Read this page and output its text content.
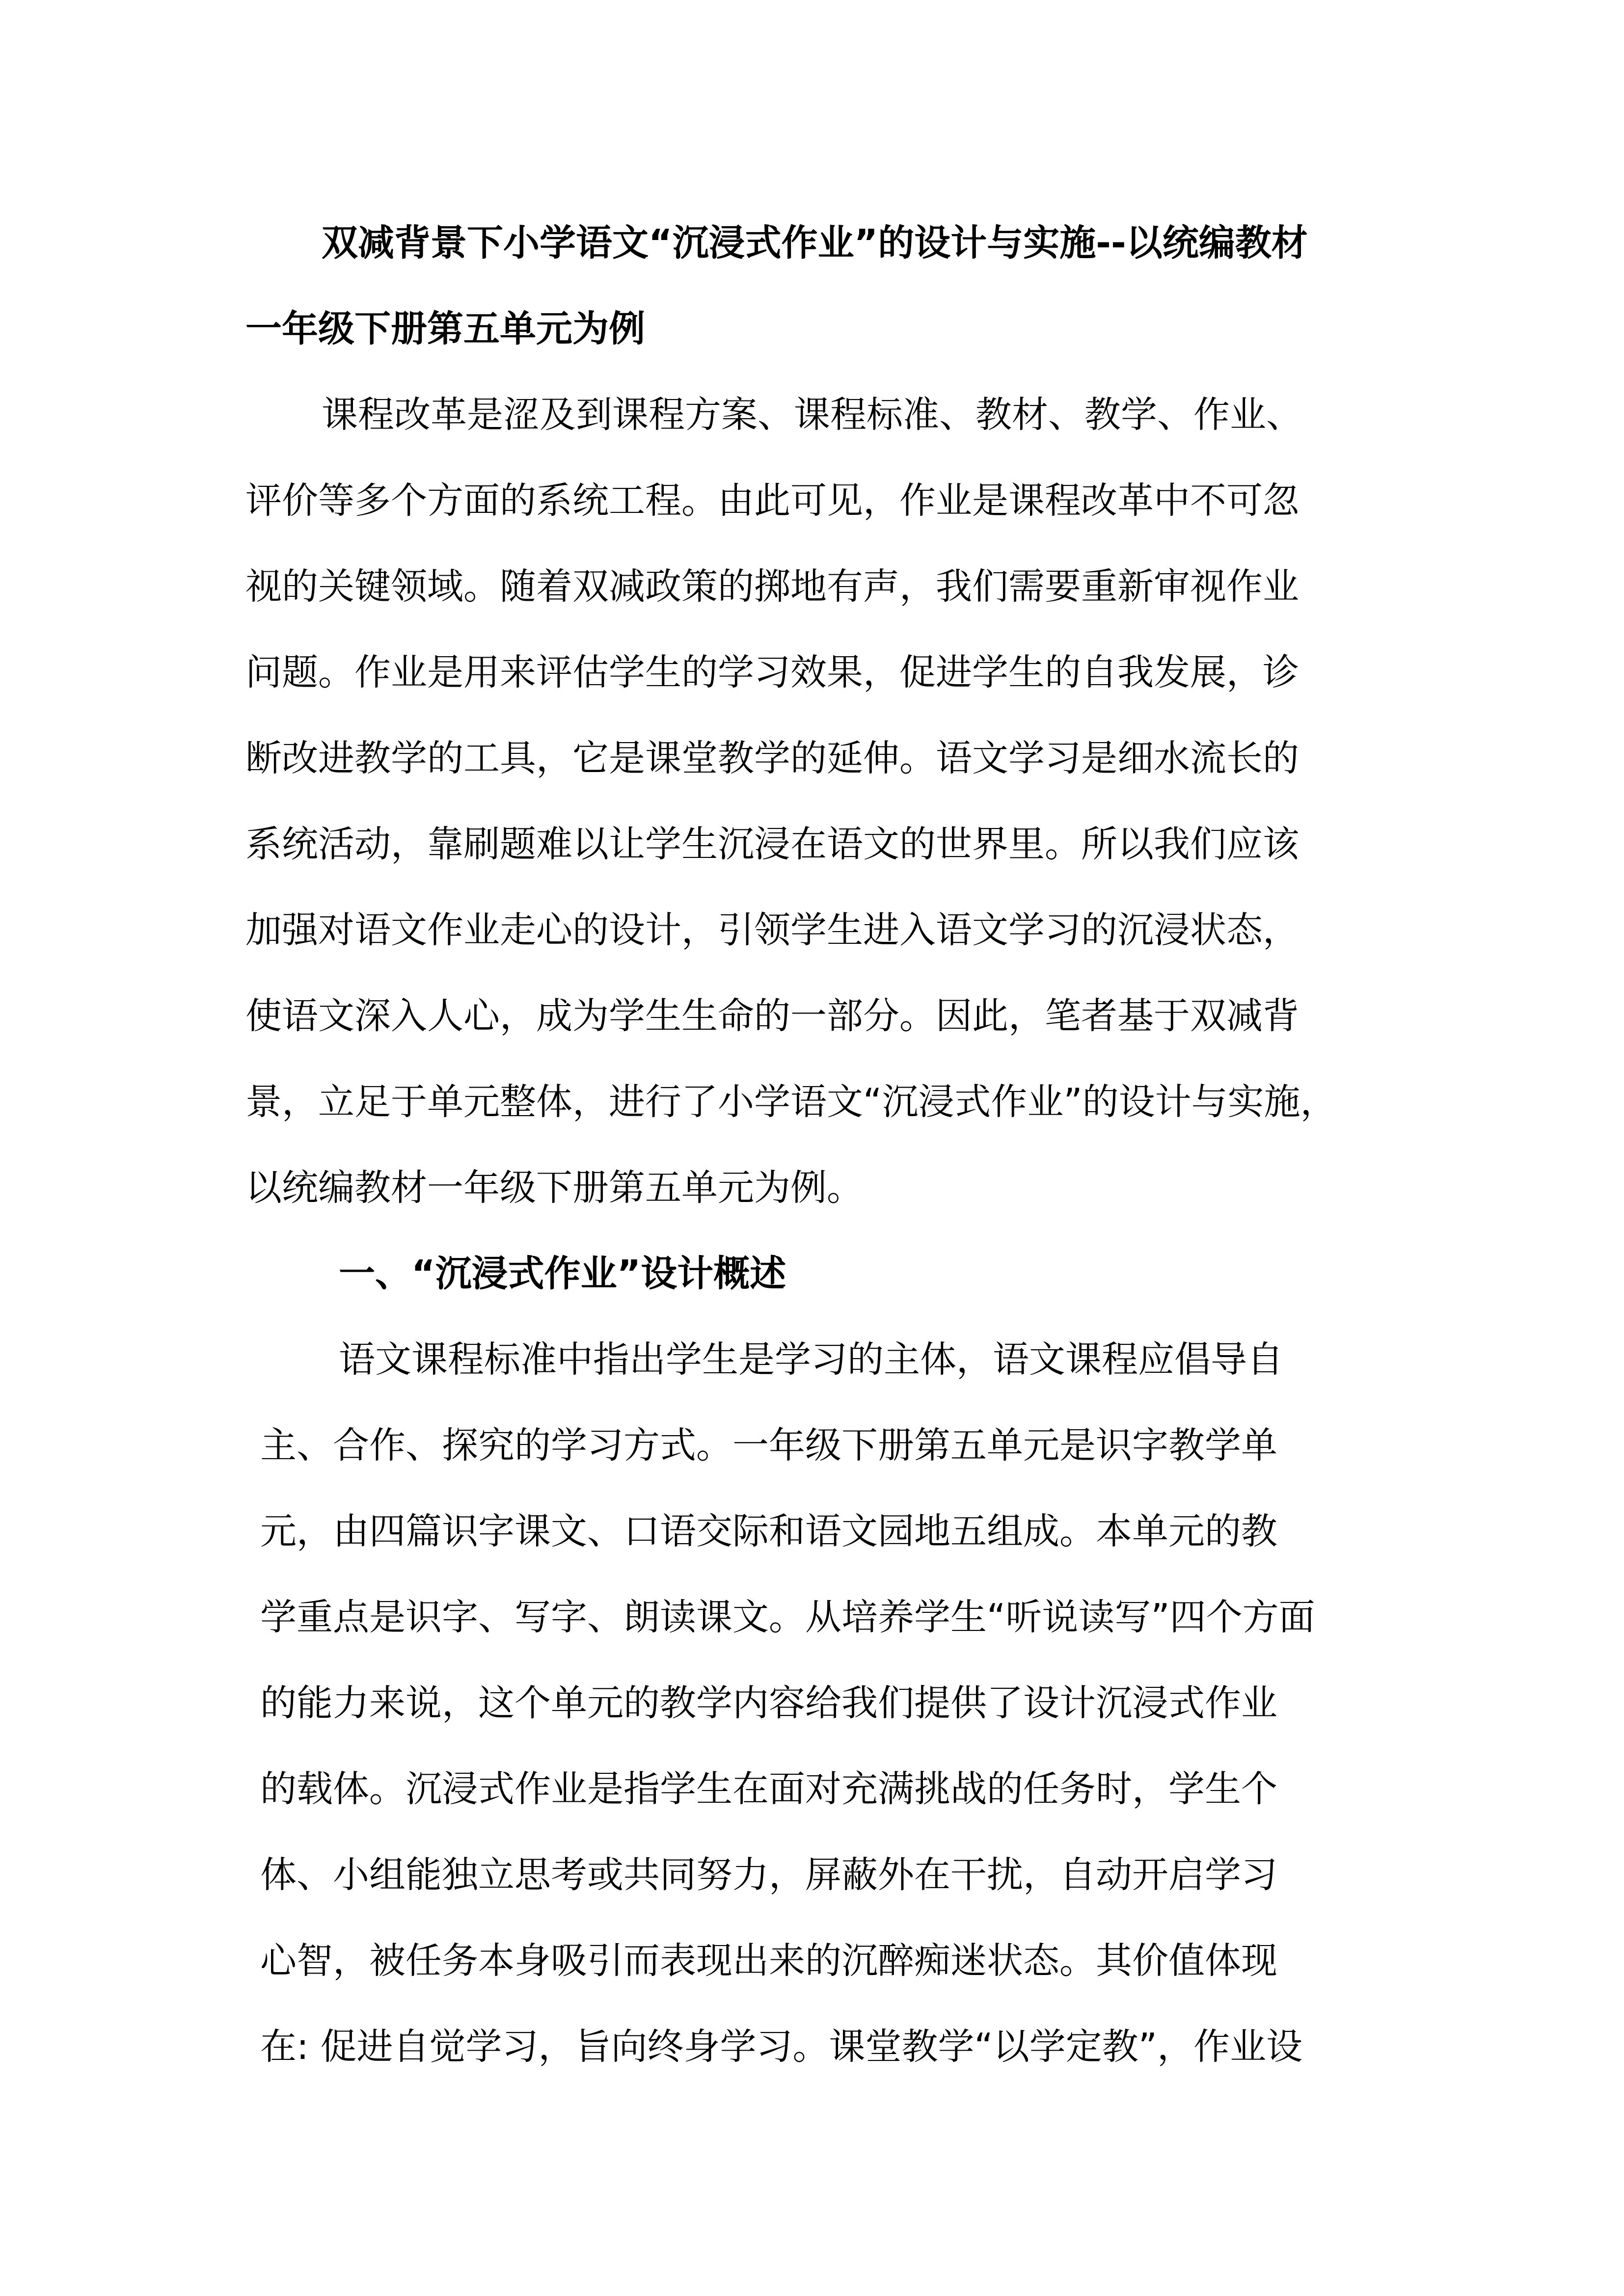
双减背景下小学语文“沉浸式作业”的设计与实施--以统编教材
一年级下册第五单元为例
课程改革是涩及到课程方案、课程标准、教材、教学、作业、
评价等多个方面的系统工程。由此可见，作业是课程改革中不可忽
视的关键领域。随着双减政策的掷地有声，我们需要重新审视作业
问题。作业是用来评估学生的学习效果，促进学生的自我发展，诊
断改进教学的工具，它是课堂教学的延伸。语文学习是细水流长的
系统活动，靠刷题难以让学生沉浸在语文的世界里。所以我们应该
加强对语文作业走心的设计，引领学生进入语文学习的沉浸状态，
使语文深入人心，成为学生生命的一部分。因此，笔者基于双减背
景，立足于单元整体，进行了小学语文“沉浸式作业”的设计与实施，
以统编教材一年级下册第五单元为例。
一、“沉浸式作业”设计概述
语文课程标准中指出学生是学习的主体，语文课程应倡导自
主、合作、探究的学习方式。一年级下册第五单元是识字教学单
元，由四篇识字课文、口语交际和语文园地五组成。本单元的教
学重点是识字、写字、朗读课文。从培养学生“听说读写”四个方面
的能力来说，这个单元的教学内容给我们提供了设计沉浸式作业
的载体。沉浸式作业是指学生在面对充满挑战的任务时，学生个
体、小组能独立思考或共同努力，屏蔽外在干扰，自动开启学习
心智，被任务本身吸引而表现出来的沉醉痴迷状态。其价值体现
在: 促进自觉学习，旨向终身学习。课堂教学“以学定教”，作业设
